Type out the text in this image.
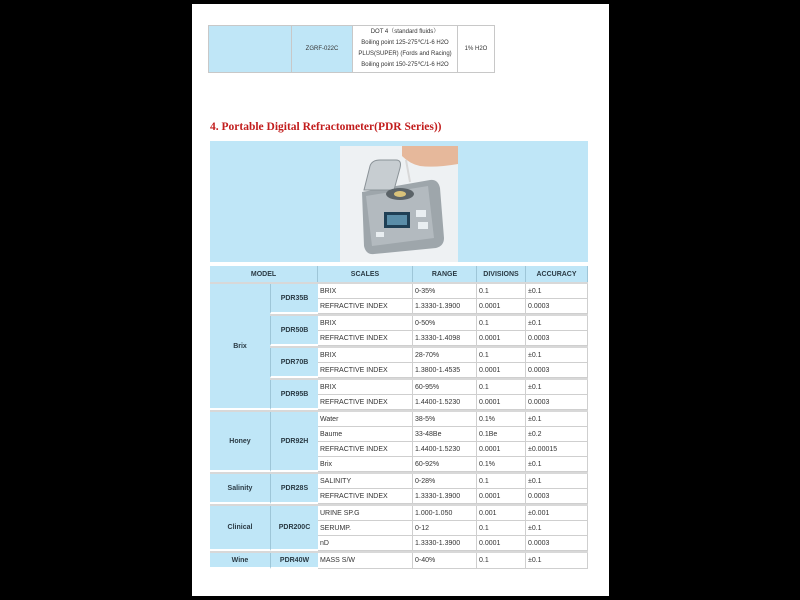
	ZGRF-022C	
DOT 4（standard fluids）
Boiling point 125-275℃/1-6 H2O
PLUS(SUPER) (Fords and Racing)
Boiling point 150-275℃/1-6 H2O
	1% H2O
4. Portable Digital Refractometer(PDR Series))
MODEL		SCALES	RANGE	DIVISIONS	ACCURACY

Brix	PDR35B	BRIX	0-35%	0.1	±0.1
		REFRACTIVE INDEX	1.3330-1.3900	0.0001	0.0003

	PDR50B	BRIX	0-50%	0.1	±0.1
		REFRACTIVE INDEX	1.3330-1.4098	0.0001	0.0003

	PDR70B	BRIX	28-70%	0.1	±0.1
		REFRACTIVE INDEX	1.3800-1.4535	0.0001	0.0003

	PDR95B	BRIX	60-95%	0.1	±0.1
		REFRACTIVE INDEX	1.4400-1.5230	0.0001	0.0003

Honey	PDR92H	Water	38-5%	0.1%	±0.1
		Baume	33-48Be	0.1Be	±0.2
		REFRACTIVE INDEX	1.4400-1.5230	0.0001	±0.00015
		Brix	60-92%	0.1%	±0.1

Salinity	PDR28S	SALINITY	0-28%	0.1	±0.1
		REFRACTIVE INDEX	1.3330-1.3900	0.0001	0.0003

Clinical	PDR200C	URINE SP.G	1.000-1.050	0.001	±0.001
		SERUMP.	0-12	0.1	±0.1
		nD	1.3330-1.3900	0.0001	0.0003

Wine	PDR40W	MASS S/W	0-40%	0.1	±0.1
